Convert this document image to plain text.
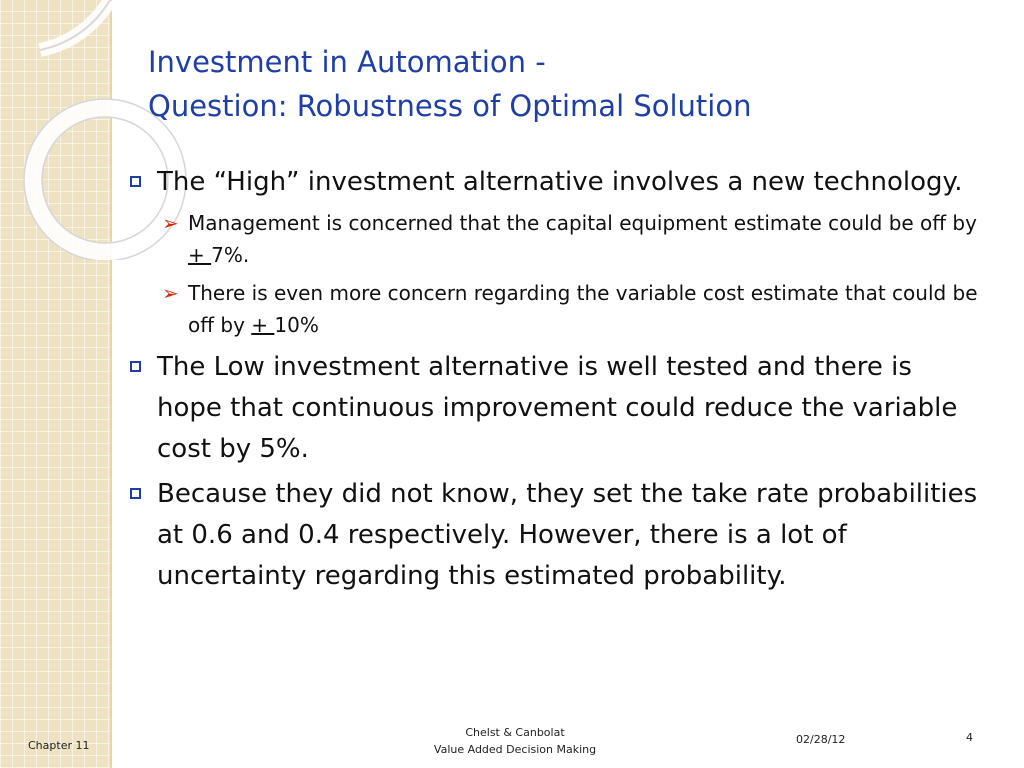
Investment in Automation -
Question: Robustness of Optimal Solution
The “High” investment alternative involves a new technology.
➢ Management is concerned that the capital equipment estimate could be off by + 7%.
➢ There is even more concern regarding the variable cost estimate that could be off by + 10%
The Low investment alternative is well tested and there is hope that continuous improvement could reduce the variable cost by 5%.
Because they did not know, they set the take rate probabilities at 0.6 and 0.4 respectively. However, there is a lot of uncertainty regarding this estimated probability.
Chapter 11
Chelst & Canbolat
Value Added Decision Making
02/28/12	4
